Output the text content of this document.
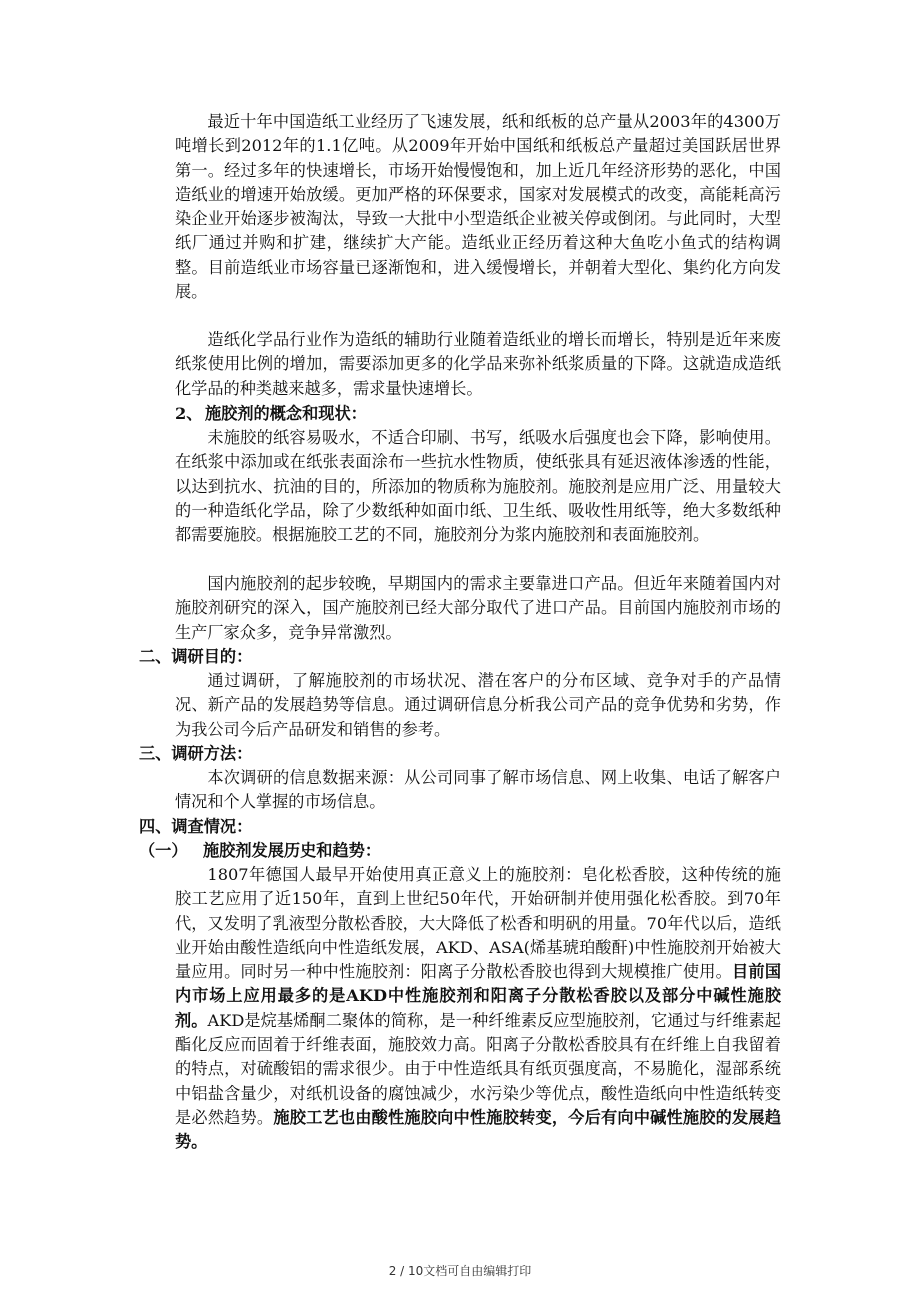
最近十年中国造纸工业经历了飞速发展，纸和纸板的总产量从2003年的4300万吨增长到2012年的1.1亿吨。从2009年开始中国纸和纸板总产量超过美国跃居世界第一。经过多年的快速增长，市场开始慢慢饱和，加上近几年经济形势的恶化，中国造纸业的增速开始放缓。更加严格的环保要求，国家对发展模式的改变，高能耗高污染企业开始逐步被淘汰，导致一大批中小型造纸企业被关停或倒闭。与此同时，大型纸厂通过并购和扩建，继续扩大产能。造纸业正经历着这种大鱼吃小鱼式的结构调整。目前造纸业市场容量已逐渐饱和，进入缓慢增长，并朝着大型化、集约化方向发展。

造纸化学品行业作为造纸的辅助行业随着造纸业的增长而增长，特别是近年来废纸浆使用比例的增加，需要添加更多的化学品来弥补纸浆质量的下降。这就造成造纸化学品的种类越来越多，需求量快速增长。

2、 施胶剂的概念和现状：

未施胶的纸容易吸水，不适合印刷、书写，纸吸水后强度也会下降，影响使用。在纸浆中添加或在纸张表面涂布一些抗水性物质，使纸张具有延迟液体渗透的性能，以达到抗水、抗油的目的，所添加的物质称为施胶剂。施胶剂是应用广泛、用量较大的一种造纸化学品，除了少数纸种如面巾纸、卫生纸、吸收性用纸等，绝大多数纸种都需要施胶。根据施胶工艺的不同，施胶剂分为浆内施胶剂和表面施胶剂。

国内施胶剂的起步较晚，早期国内的需求主要靠进口产品。但近年来随着国内对施胶剂研究的深入，国产施胶剂已经大部分取代了进口产品。目前国内施胶剂市场的生产厂家众多，竞争异常激烈。

二、调研目的：

通过调研，了解施胶剂的市场状况、潜在客户的分布区域、竞争对手的产品情况、新产品的发展趋势等信息。通过调研信息分析我公司产品的竞争优势和劣势，作为我公司今后产品研发和销售的参考。

三、调研方法：

本次调研的信息数据来源：从公司同事了解市场信息、网上收集、电话了解客户情况和个人掌握的市场信息。

四、调查情况：

（一） 施胶剂发展历史和趋势：

1807年德国人最早开始使用真正意义上的施胶剂：皂化松香胶，这种传统的施胶工艺应用了近150年，直到上世纪50年代，开始研制并使用强化松香胶。到70年代，又发明了乳液型分散松香胶，大大降低了松香和明矾的用量。70年代以后，造纸业开始由酸性造纸向中性造纸发展，AKD、ASA(烯基琥珀酸酐)中性施胶剂开始被大量应用。同时另一种中性施胶剂：阳离子分散松香胶也得到大规模推广使用。目前国内市场上应用最多的是AKD中性施胶剂和阳离子分散松香胶以及部分中碱性施胶剂。AKD是烷基烯酮二聚体的简称，是一种纤维素反应型施胶剂，它通过与纤维素起酯化反应而固着于纤维表面，施胶效力高。阳离子分散松香胶具有在纤维上自我留着的特点，对硫酸铝的需求很少。由于中性造纸具有纸页强度高，不易脆化，湿部系统中铝盐含量少，对纸机设备的腐蚀减少，水污染少等优点，酸性造纸向中性造纸转变是必然趋势。施胶工艺也由酸性施胶向中性施胶转变，今后有向中碱性施胶的发展趋势。

2 / 10文档可自由编辑打印
